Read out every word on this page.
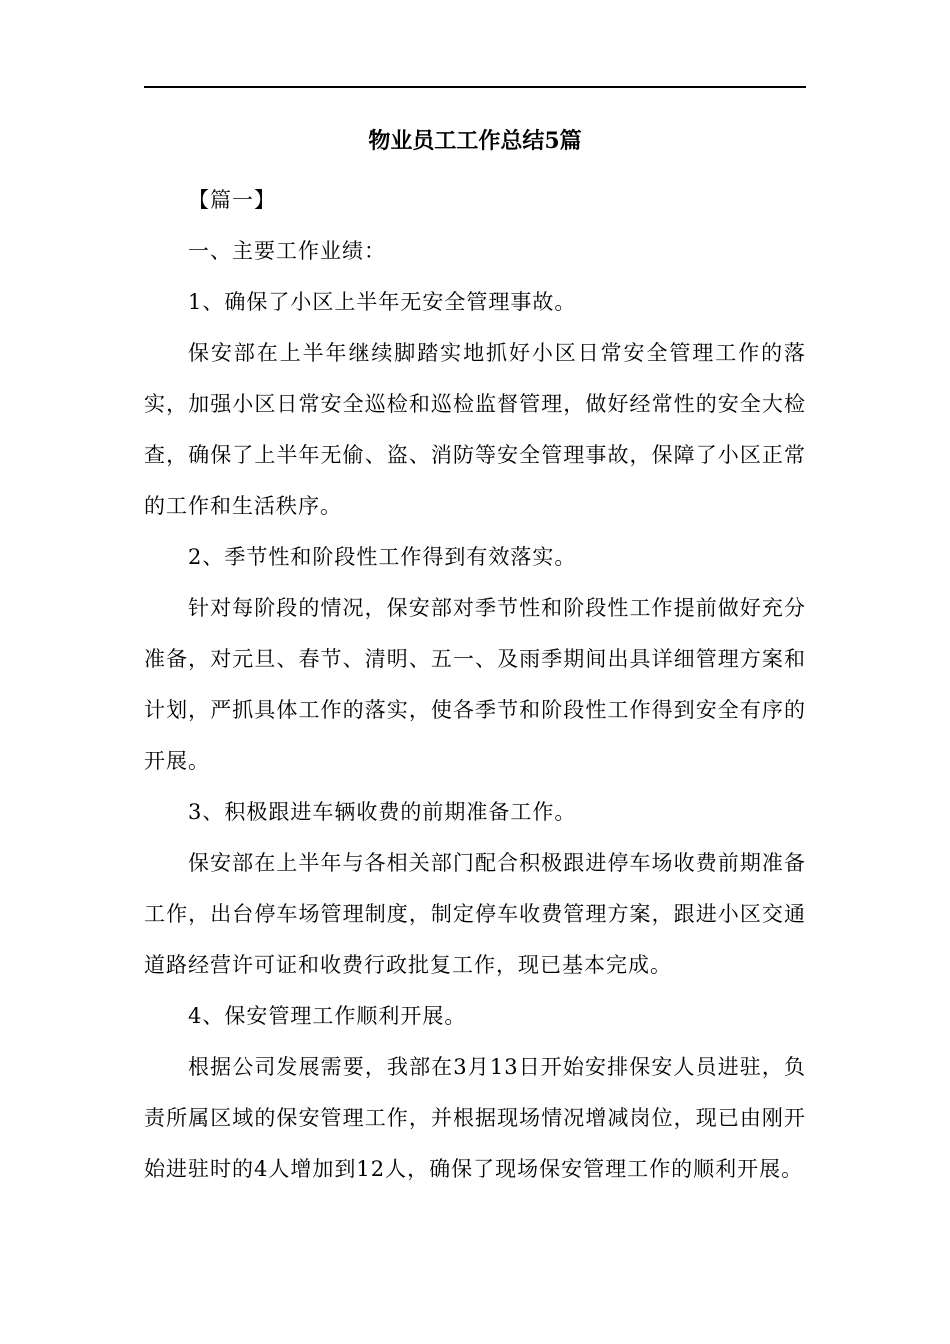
物业员工工作总结5篇

【篇一】

一、主要工作业绩：

1、确保了小区上半年无安全管理事故。

保安部在上半年继续脚踏实地抓好小区日常安全管理工作的落实，加强小区日常安全巡检和巡检监督管理，做好经常性的安全大检查，确保了上半年无偷、盗、消防等安全管理事故，保障了小区正常的工作和生活秩序。

2、季节性和阶段性工作得到有效落实。

针对每阶段的情况，保安部对季节性和阶段性工作提前做好充分准备，对元旦、春节、清明、五一、及雨季期间出具详细管理方案和计划，严抓具体工作的落实，使各季节和阶段性工作得到安全有序的开展。

3、积极跟进车辆收费的前期准备工作。

保安部在上半年与各相关部门配合积极跟进停车场收费前期准备工作，出台停车场管理制度，制定停车收费管理方案，跟进小区交通道路经营许可证和收费行政批复工作，现已基本完成。

4、保安管理工作顺利开展。

根据公司发展需要，我部在3月13日开始安排保安人员进驻，负责所属区域的保安管理工作，并根据现场情况增减岗位，现已由刚开始进驻时的4人增加到12人，确保了现场保安管理工作的顺利开展。
